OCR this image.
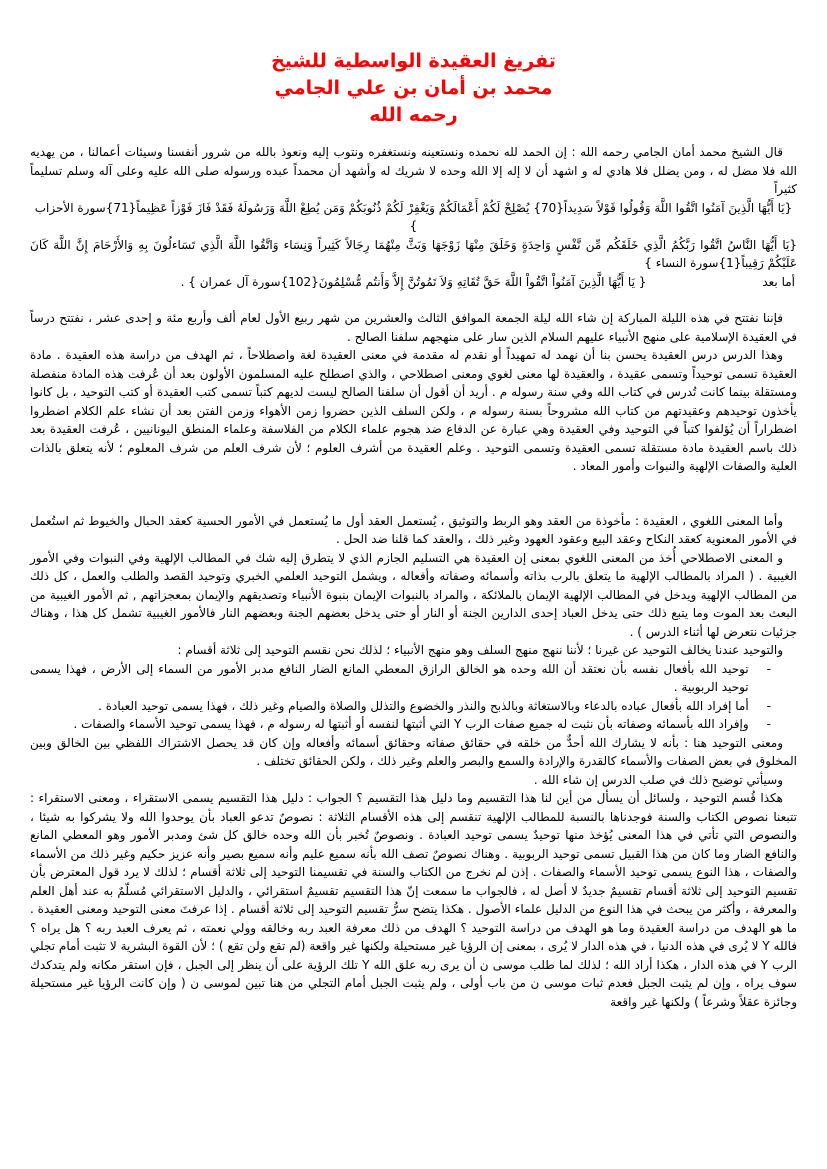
تفريغ العقيدة الواسطية للشيخ
محمد بن أمان بن علي الجامي
رحمه الله

قال الشيخ محمد أمان الجامي رحمه الله : إن الحمد لله نحمده ونستعينه ونستغفره ونتوب إليه ونعوذ بالله من شرور أنفسنا وسيئات أعمالنا ، من يهديه الله فلا مضل له ، ومن يضلل فلا هادي له و اشهد أن لا إله إلا الله وحده لا شريك له وأشهد أن محمداً عبده ورسوله صلى الله عليه وعلى آله وسلم تسليماً كثيراً

{يَا أَيُّهَا الَّذِينَ آمَنُوا اتَّقُوا اللَّهَ وَقُولُوا قَوْلاً سَدِيداً{70} يُصْلِحْ لَكُمْ أَعْمَالَكُمْ وَيَغْفِرْ لَكُمْ ذُنُوبَكُمْ وَمَن يُطِعْ اللَّهَ وَرَسُولَهُ فَقَدْ فَازَ فَوْزاً عَظِيماً{71}سورة الأحزاب }

{يَا أَيُّهَا النَّاسُ اتَّقُوا رَبَّكُمُ الَّذِي خَلَقَكُم مِّن نَّفْسٍ وَاحِدَةٍ وَخَلَقَ مِنْهَا زَوْجَهَا وَبَثَّ مِنْهُمَا رِجَالاً كَثِيراً وَنِسَاء وَاتَّقُوا اللَّهَ الَّذِي تَسَاءلُونَ بِهِ وَالأَرْحَامَ إِنَّ اللَّهَ كَانَ عَلَيْكُمْ رَقِيباً{1}سورة النساء }

أما بعد
{ يَا أَيُّهَا الَّذِينَ آمَنُواْ اتَّقُواْ اللَّهَ حَقَّ تُقَاتِهِ وَلاَ تَمُوتُنَّ إِلاَّ وَأَنتُم مُّسْلِمُونَ{102}سورة آل عمران } .

فإننا نفتتح في هذه الليلة المباركة إن شاء الله ليلة الجمعة الموافق الثالث والعشرين من شهر ربيع الأول لعام ألف وأربع مئة و إحدى عشر ، نفتتح درساً في العقيدة الإسلامية على منهج الأنبياء عليهم السلام الذين سار على منهجهم سلفنا الصالح .

وهذا الدرس درس العقيدة يحسن بنا أن نهمد له تمهيداً أو نقدم له مقدمة في معنى العقيدة لغة واصطلاحاً ، ثم الهدف من دراسة هذه العقيدة . مادة العقيدة تسمى توحيداً وتسمى عقيدة ، والعقيدة لها معنى لغوي ومعنى اصطلاحي ، والذي اصطلح عليه المسلمون الأولون بعد أن عُرفت هذه المادة منفصلة ومستقلة بينما كانت تُدرس في كتاب الله وفي سنة رسوله م . أريد أن أقول أن سلفنا الصالح ليست لديهم كتباً تسمى كتب العقيدة أو كتب التوحيد ، بل كانوا يأخذون توحيدهم وعقيدتهم من كتاب الله مشروحاً بسنة رسوله م ، ولكن السلف الذين حضروا زمن الأهواء وزمن الفتن بعد أن نشاء علم الكلام اضطروا اضطراراً أن يُؤلفوا كتباً في التوحيد وفي العقيدة وهي عبارة عن الدفاع ضد هجوم علماء الكلام من الفلاسفة وعلماء المنطق اليونانيين ، عُرفت العقيدة بعد ذلك باسم العقيدة مادة مستقلة تسمى العقيدة وتسمى التوحيد . وعلم العقيدة من أشرف العلوم ؛ لأن شرف العلم من شرف المعلوم ؛ لأنه يتعلق بالذات العلية والصفات الإلهية والنبوات وأمور المعاد .

وأما المعنى اللغوي ، العقيدة : مأخوذة من العقد وهو الربط والتوثيق ، يُستعمل العقد أول ما يُستعمل في الأمور الحسية كعقد الحبال والخيوط ثم استُعمل في الأمور المعنوية كعقد النكاح وعقد البيع وعقود العهود وغير ذلك ، والعقد كما قلنا ضد الحل .

و المعنى الاصطلاحي أُخذ من المعنى اللغوي بمعنى إن العقيدة هي التسليم الجازم الذي لا يتطرق إليه شك في المطالب الإلهية وفي النبوات وفي الأمور الغيبية . ( المراد بالمطالب الإلهية ما يتعلق بالرب بذاته وأسمائه وصفاته وأفعاله ، ويشمل التوحيد العلمي الخبري وتوحيد القصد والطلب والعمل ، كل ذلك من المطالب الإلهية ويدخل في المطالب الإلهية الإيمان بالملائكة ، والمراد بالنبوات الإيمان بنبوة الأنبياء وتصديقهم والإيمان بمعجزاتهم , ثم الأمور الغيبية من البعث بعد الموت وما يتبع ذلك حتى يدخل العباد إحدى الدارين الجنة أو النار أو حتى يدخل بعضهم الجنة وبعضهم النار فالأمور الغيبية تشمل كل هذا ، وهناك جزئيات نتعرض لها أثناء الدرس ) .

والتوحيد عندنا يخالف التوحيد عن غيرنا ؛ لأننا ننهج منهج السلف وهو منهج الأنبياء ؛ لذلك نحن نقسم التوحيد إلى ثلاثة أقسام :

-
توحيد الله بأفعال نفسه بأن نعتقد أن الله وحده هو الخالق الرازق المعطي المانع الضار النافع مدبر الأمور من السماء إلى الأرض ، فهذا يسمى توحيد الربوبية .
-
أما إفراد الله بأفعال عباده بالدعاء وبالاستغاثة وبالذبح والنذر والخضوع والتذلل والصلاة والصيام وغير ذلك ، فهذا يسمى توحيد العبادة .
-
وإفراد الله بأسمائه وصفاته بأن نثبت له جميع صفات الرب Y التي أثبتها لنفسه أو أثبتها له رسوله م ، فهذا يسمى توحيد الأسماء والصفات .

ومعنى التوحيد هنا : بأنه لا يشارك الله أحدٌّ من خلقه في حقائق صفاته وحقائق أسمائه وأفعاله وإن كان قد يحصل الاشتراك اللفظي بين الخالق وبين المخلوق في بعض الصفات والأسماء كالقدرة والإرادة والسمع والبصر والعلم وغير ذلك ، ولكن الحقائق تختلف .

وسيأتي توضيح ذلك في صلب الدرس إن شاء الله .

هكذا قُسم التوحيد ، ولسائل أن يسأل من أين لنا هذا التقسيم وما دليل هذا التقسيم ؟ الجواب : دليل هذا التقسيم يسمى الاستقراء ، ومعنى الاستقراء : تتبعنا نصوص الكتاب والسنة فوجدناها بالنسبة للمطالب الإلهية تنقسم إلى هذه الأقسام الثلاثة : نصوصٌ تدعو العباد بأن يوحدوا الله ولا يشركوا به شيئا ، والنصوص التي تأتي في هذا المعنى يُؤخذ منها توحيدٌ يسمى توحيد العبادة . ونصوصٌ تُخبر بأن الله وحده خالق كل شئ ومدبر الأمور وهو المعطي المانع والنافع الضار وما كان من هذا القبيل تسمى توحيد الربوبية . وهناك نصوصٌ تصف الله بأنه سميع عليم وأنه سميع بصير وأنه عزيز حكيم وغير ذلك من الأسماء والصفات ، هذا النوع يسمى توحيد الأسماء والصفات . إذن لم نخرج من الكتاب والسنة في تقسيمنا التوحيد إلى ثلاثة أقسام ؛ لذلك لا يرد قول المعترض بأن تقسيم التوحيد إلى ثلاثة أقسام تقسيمٌ جديدٌ لا أصل له ، فالجواب ما سمعت إنّ هذا التقسيم تقسيمٌ استقرائي ، والدليل الاستقرائي مُسلّمٌ به عند أهل العلم والمعرفة ، وأكثر من يبحث في هذا النوع من الدليل علماء الأصول . هكذا يتضح سرُّ تقسيم التوحيد إلى ثلاثة أقسام . إذا عرفتَ معنى التوحيد ومعنى العقيدة . ما هو الهدف من دراسة العقيدة وما هو الهدف من دراسة التوحيد ؟ الهدف من ذلك معرفة العبد ربه وخالقه وولي نعمته ، ثم يعرف العبد ربه ؟ هل يراه ؟ فالله Y لا يُرى في هذه الدنيا ، في هذه الدار لا يُرى ، بمعنى إن الرؤيا غير مستحيلة ولكنها غير واقعة (لم تقع ولن تقع ) ؛ لأن القوة البشرية لا تثبت أمام تجلي الرب Y في هذه الدار ، هكذا أراد الله ؛ لذلك لما طلب موسى ن أن يرى ربه علق الله Y تلك الرؤية على أن ينظر إلى الجبل ، فإن استقر مكانه ولم يتدكدك سوف يراه ، وإن لم يثبت الجبل فعدم ثبات موسى ن من باب أولى ، ولم يثبت الجبل أمام التجلي من هنا تبين لموسى ن ( وإن كانت الرؤيا غير مستحيلة وجائزة عقلاً وشرعاً ) ولكنها غير واقعة
